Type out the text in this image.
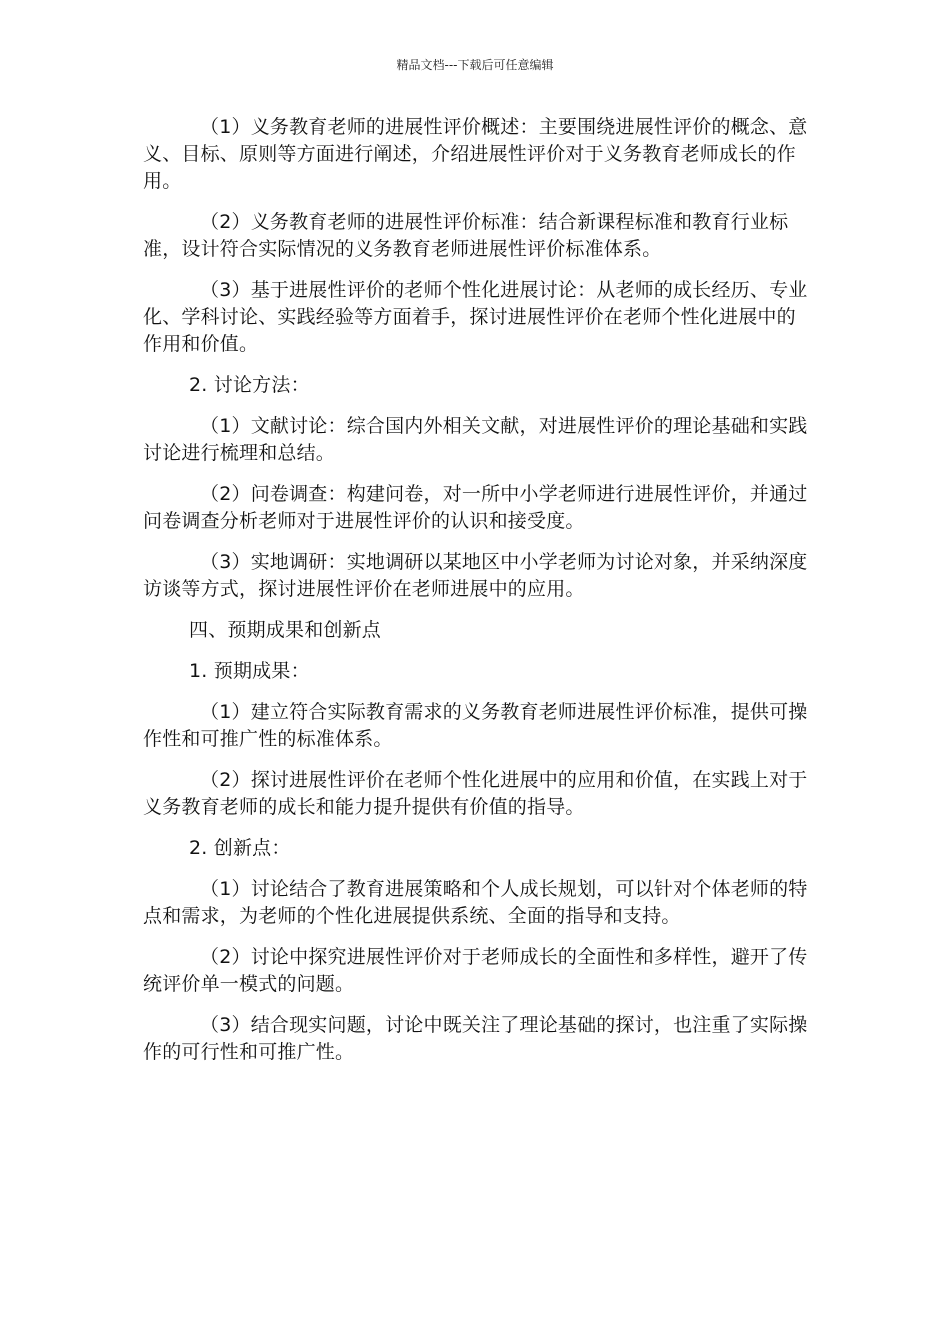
精品文档---下载后可任意编辑

（1）义务教育老师的进展性评价概述：主要围绕进展性评价的概念、意义、目标、原则等方面进行阐述，介绍进展性评价对于义务教育老师成长的作用。

（2）义务教育老师的进展性评价标准：结合新课程标准和教育行业标准，设计符合实际情况的义务教育老师进展性评价标准体系。

（3）基于进展性评价的老师个性化进展讨论：从老师的成长经历、专业化、学科讨论、实践经验等方面着手，探讨进展性评价在老师个性化进展中的作用和价值。

2. 讨论方法：

（1）文献讨论：综合国内外相关文献，对进展性评价的理论基础和实践讨论进行梳理和总结。

（2）问卷调查：构建问卷，对一所中小学老师进行进展性评价，并通过问卷调查分析老师对于进展性评价的认识和接受度。

（3）实地调研：实地调研以某地区中小学老师为讨论对象，并采纳深度访谈等方式，探讨进展性评价在老师进展中的应用。

四、预期成果和创新点

1. 预期成果：

（1）建立符合实际教育需求的义务教育老师进展性评价标准，提供可操作性和可推广性的标准体系。

（2）探讨进展性评价在老师个性化进展中的应用和价值，在实践上对于义务教育老师的成长和能力提升提供有价值的指导。

2. 创新点：

（1）讨论结合了教育进展策略和个人成长规划，可以针对个体老师的特点和需求，为老师的个性化进展提供系统、全面的指导和支持。

（2）讨论中探究进展性评价对于老师成长的全面性和多样性，避开了传统评价单一模式的问题。

（3）结合现实问题，讨论中既关注了理论基础的探讨，也注重了实际操作的可行性和可推广性。
